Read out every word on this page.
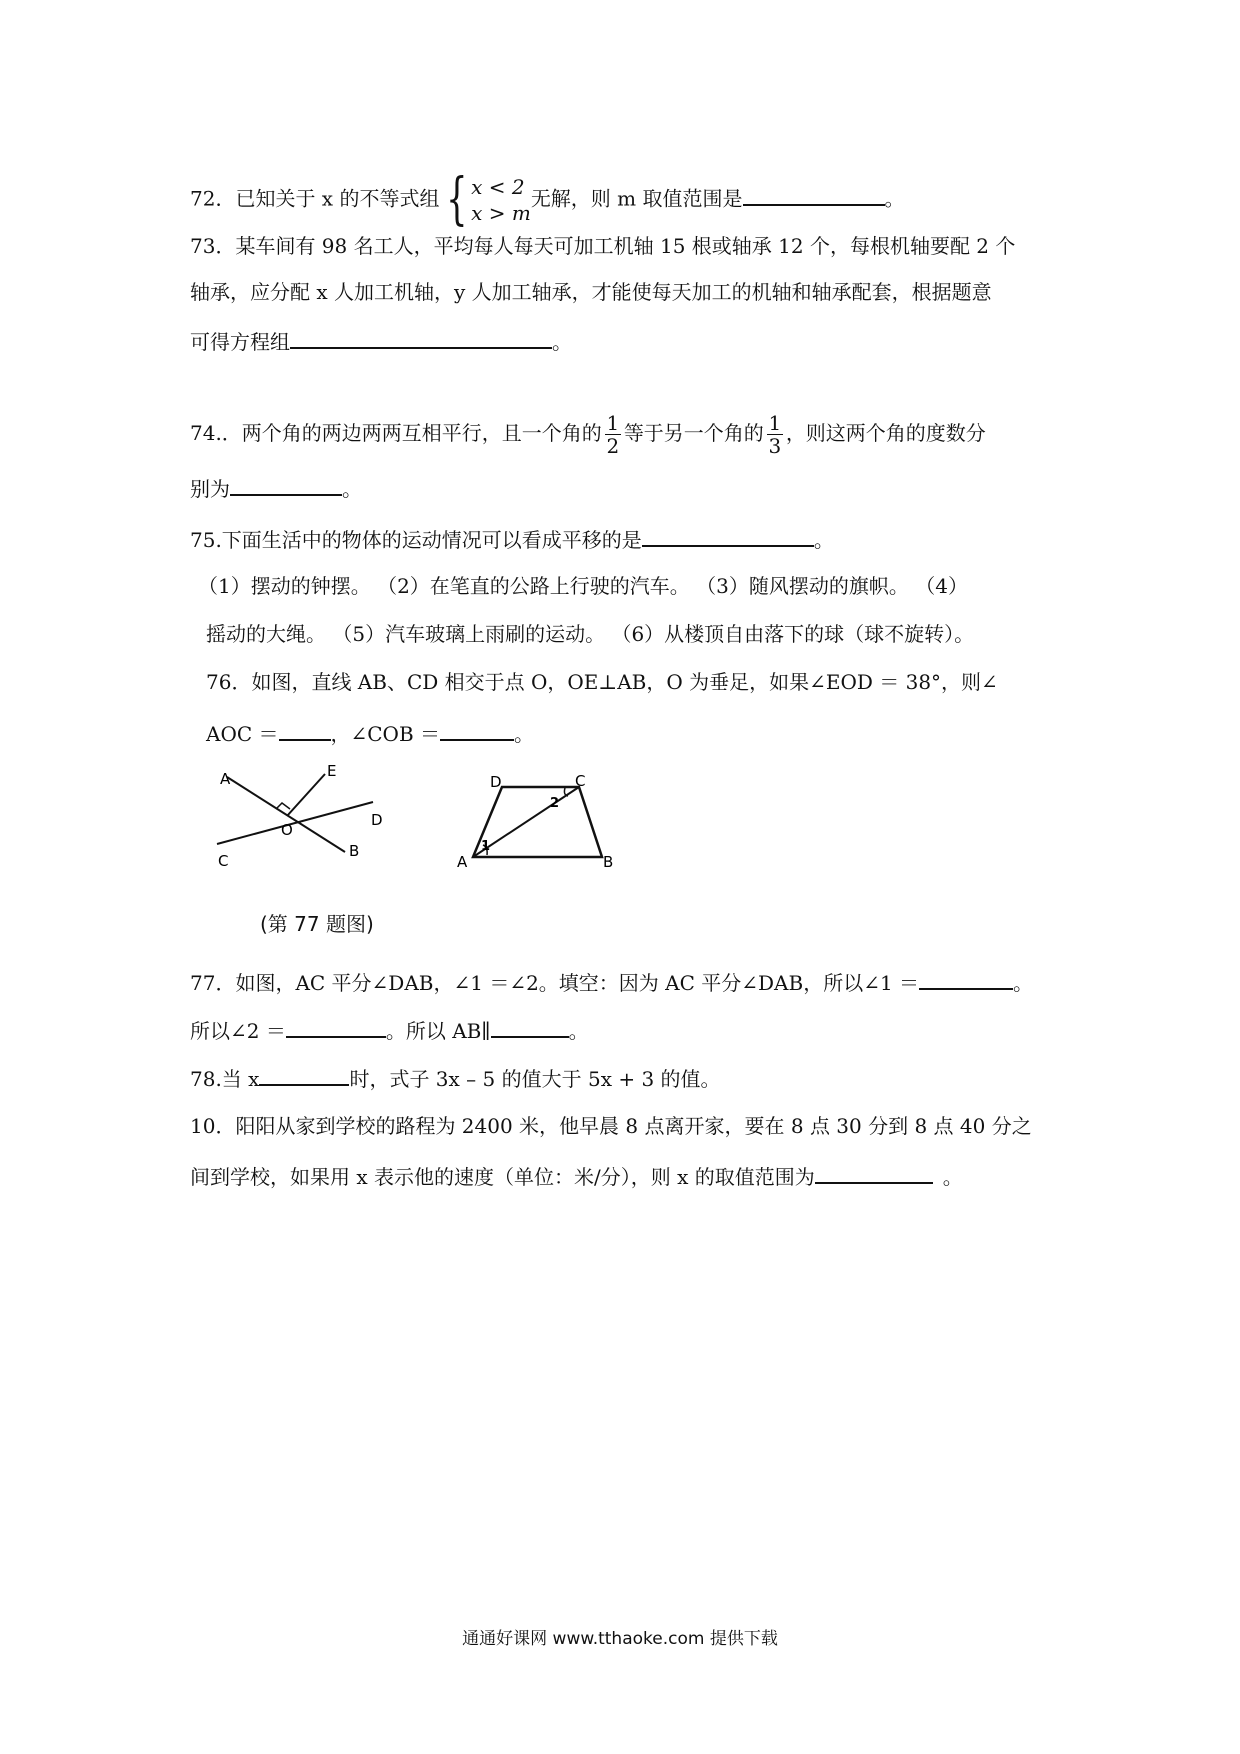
72．已知关于 x 的不等式组 { x < 2
x > m
无解，则 m 取值范围是	。
73．某车间有 98 名工人，平均每人每天可加工机轴 15 根或轴承 12 个，每根机轴要配 2 个
轴承，应分配 x 人加工机轴，y 人加工轴承，才能使每天加工的机轴和轴承配套，根据题意
可得方程组	。
74.．两个角的两边两两互相平行，且一个角的 $\frac{1}{2}$ 等于另一个角的 $\frac{1}{3}$ ，则这两个角的度数分
别为	。
75.下面生活中的物体的运动情况可以看成平移的是	。
（1）摆动的钟摆。 （2）在笔直的公路上行驶的汽车。 （3）随风摆动的旗帜。 （4）
摇动的大绳。 （5）汽车玻璃上雨刷的运动。 （6）从楼顶自由落下的球（球不旋转）。
76．如图，直线 AB、CD 相交于点 O，OE⊥AB，O 为垂足，如果∠EOD ＝ 38°，则∠
AOC ＝	，∠COB ＝	。
A	E
D
O
C
B
D	C
A	B
1
2
(第 77 题图)
77．如图，AC 平分∠DAB，∠1 ＝∠2。填空：因为 AC 平分∠DAB，所以∠1 ＝	。
所以∠2 ＝	。所以 AB∥	。
78.当 x	时，式子 3x – 5 的值大于 5x + 3 的值。
10．阳阳从家到学校的路程为 2400 米，他早晨 8 点离开家，要在 8 点 30 分到 8 点 40 分之
间到学校，如果用 x 表示他的速度（单位：米/分），则 x 的取值范围为	。
通通好课网 www.tthaoke.com 提供下载
